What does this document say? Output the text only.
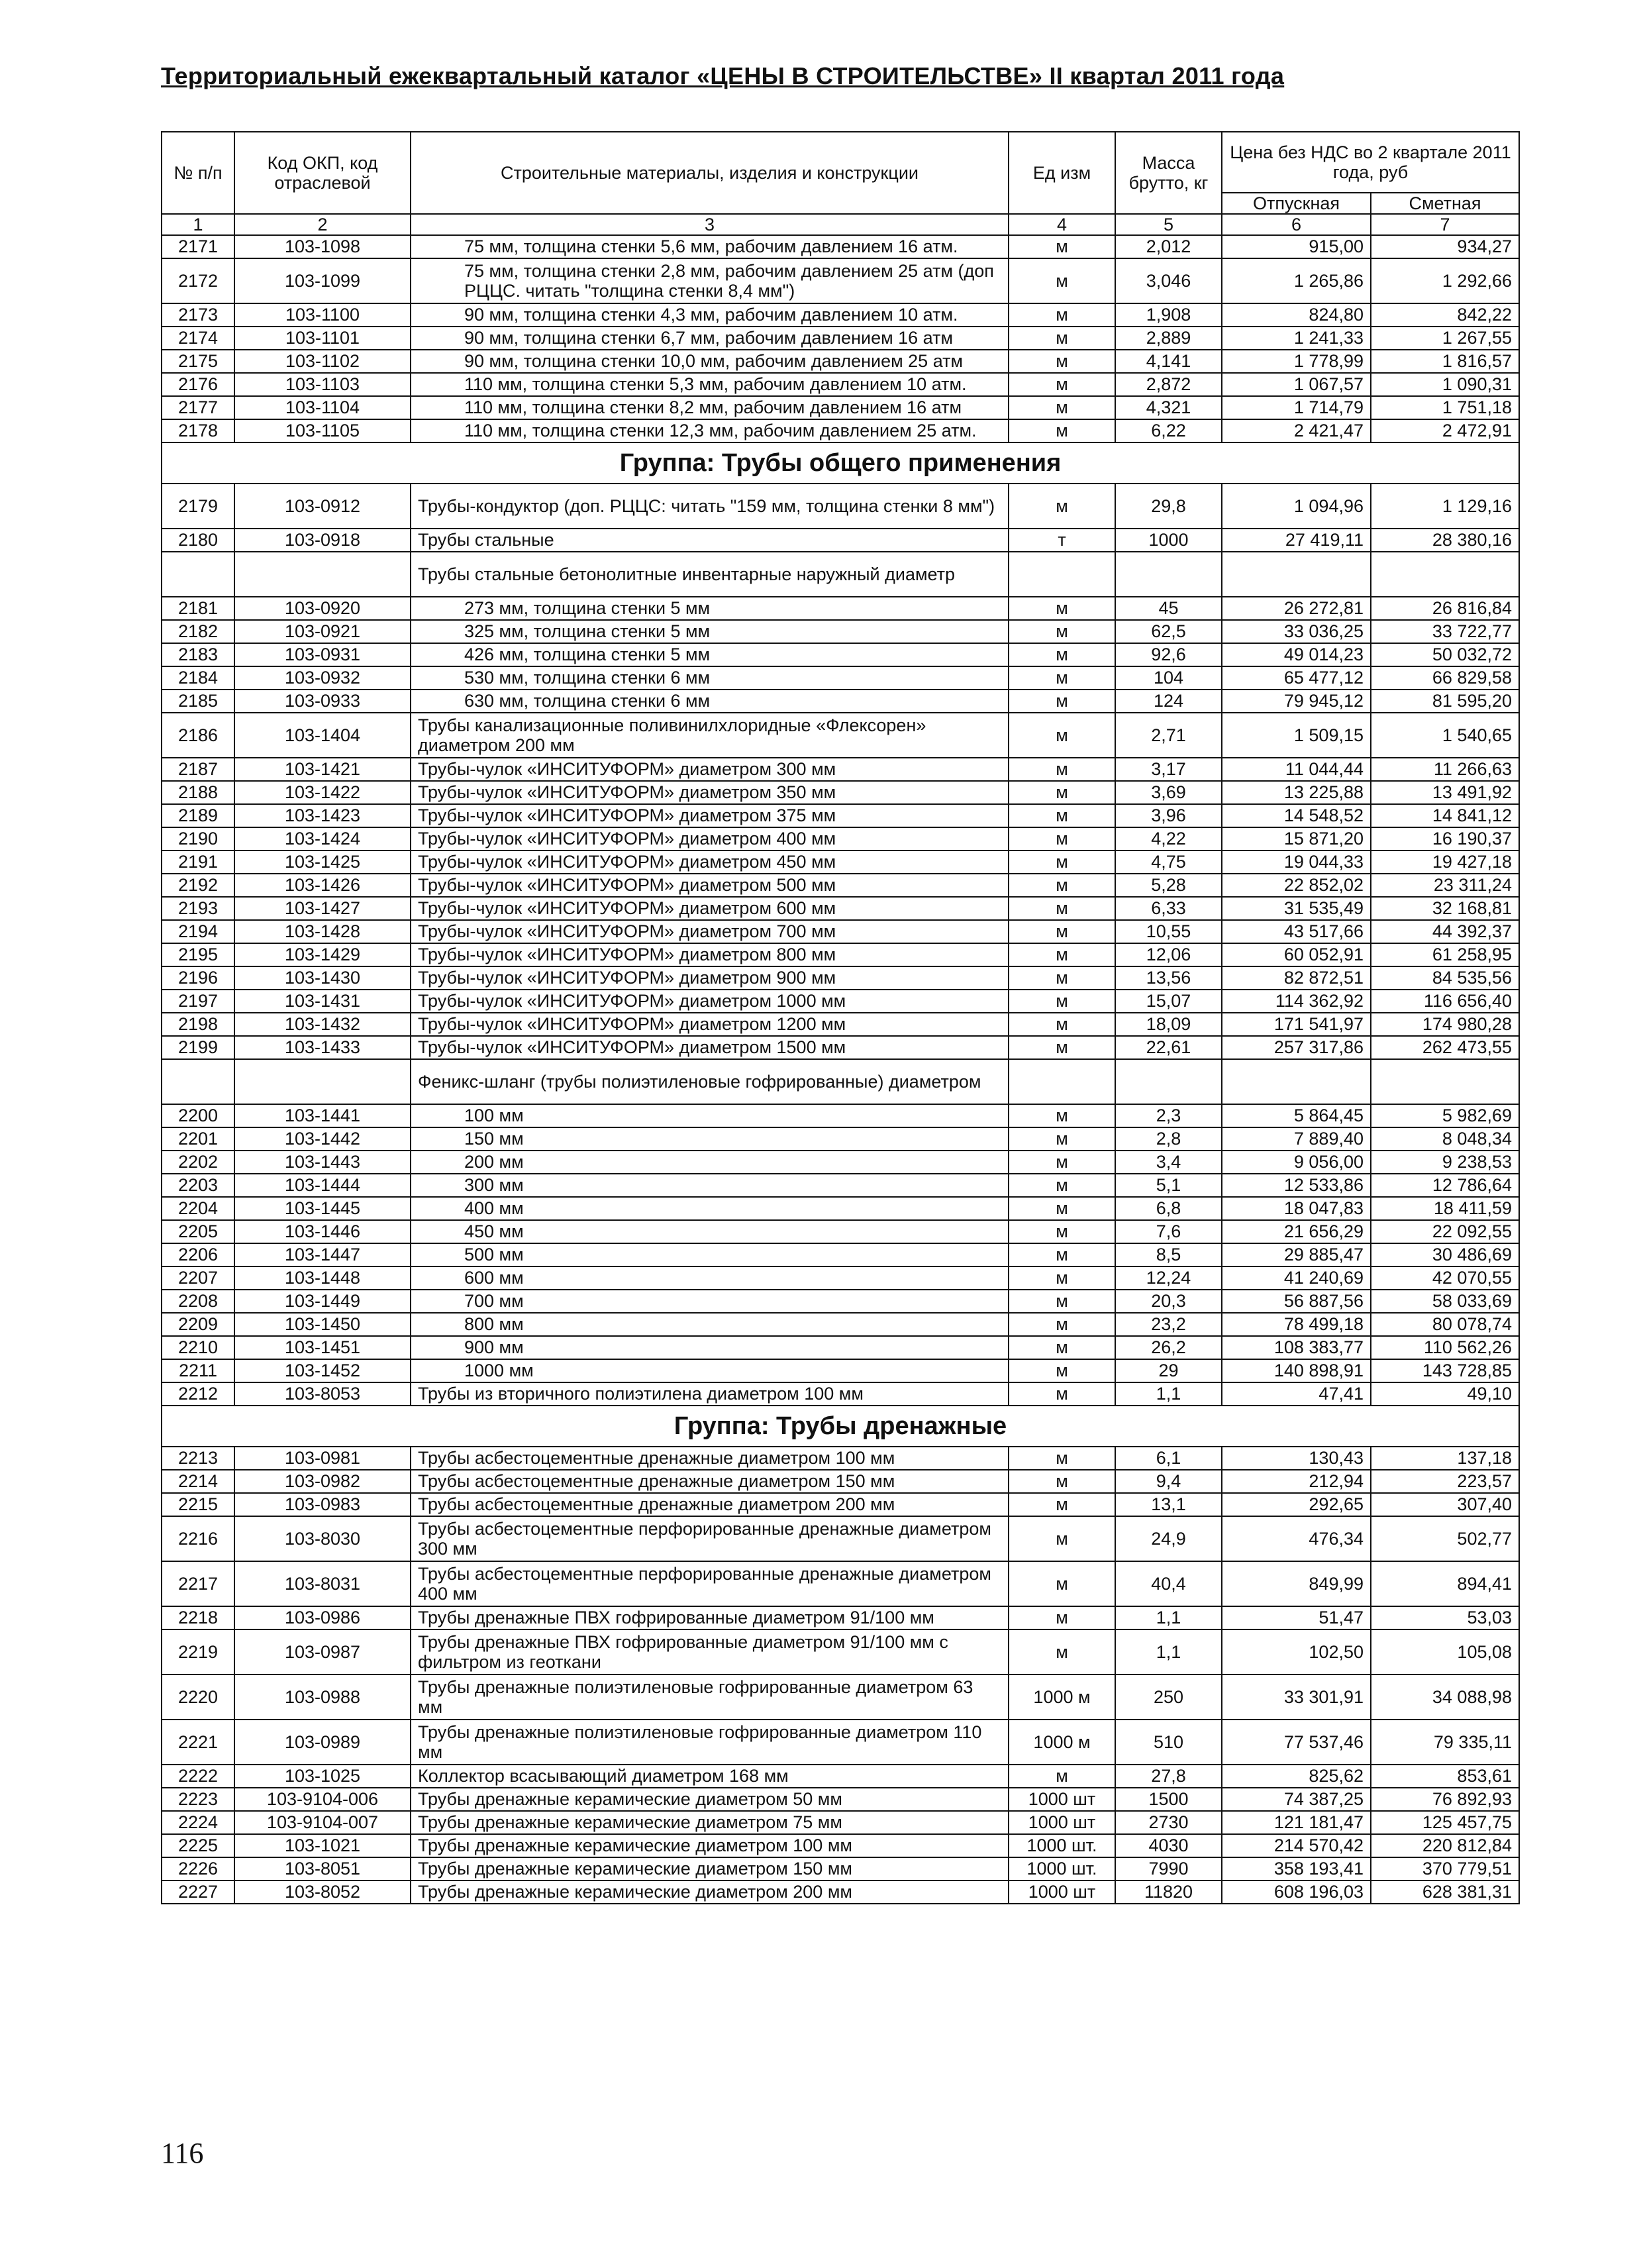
Территориальный ежеквартальный каталог «ЦЕНЫ В СТРОИТЕЛЬСТВЕ» II квартал 2011 года
№ п/п	Код ОКП, код отраслевой	Строительные материалы, изделия и конструкции	Ед изм	Масса брутто, кг	Цена без НДС во 2 квартале 2011 года, руб	
					Отпускная	Сметная
1	2	3	4	5	6	7
2171	103-1098	75 мм, толщина стенки 5,6 мм, рабочим давлением 16 атм.	м	2,012	915,00	934,27
2172	103-1099	75 мм, толщина стенки 2,8 мм, рабочим давлением 25 атм (доп РЦЦС. читать "толщина стенки 8,4 мм")	м	3,046	1 265,86	1 292,66
2173	103-1100	90 мм, толщина стенки 4,3 мм, рабочим давлением 10 атм.	м	1,908	824,80	842,22
2174	103-1101	90 мм, толщина стенки 6,7 мм, рабочим давлением 16 атм	м	2,889	1 241,33	1 267,55
2175	103-1102	90 мм, толщина стенки 10,0 мм, рабочим давлением 25 атм	м	4,141	1 778,99	1 816,57
2176	103-1103	110 мм, толщина стенки 5,3 мм, рабочим давлением 10 атм.	м	2,872	1 067,57	1 090,31
2177	103-1104	110 мм, толщина стенки 8,2 мм, рабочим давлением 16 атм	м	4,321	1 714,79	1 751,18
2178	103-1105	110 мм, толщина стенки 12,3 мм, рабочим давлением 25 атм.	м	6,22	2 421,47	2 472,91
Группа: Трубы общего применения						
2179	103-0912	Трубы-кондуктор (доп. РЦЦС: читать "159 мм, толщина стенки 8 мм")	м	29,8	1 094,96	1 129,16
2180	103-0918	Трубы стальные	т	1000	27 419,11	28 380,16
		Трубы стальные бетонолитные инвентарные наружный диаметр				
2181	103-0920	273 мм, толщина стенки 5 мм	м	45	26 272,81	26 816,84
2182	103-0921	325 мм, толщина стенки 5 мм	м	62,5	33 036,25	33 722,77
2183	103-0931	426 мм, толщина стенки 5 мм	м	92,6	49 014,23	50 032,72
2184	103-0932	530 мм, толщина стенки 6 мм	м	104	65 477,12	66 829,58
2185	103-0933	630 мм, толщина стенки 6 мм	м	124	79 945,12	81 595,20
2186	103-1404	Трубы канализационные поливинилхлоридные «Флексорен» диаметром 200 мм	м	2,71	1 509,15	1 540,65
2187	103-1421	Трубы-чулок «ИНСИТУФОРМ» диаметром 300 мм	м	3,17	11 044,44	11 266,63
2188	103-1422	Трубы-чулок «ИНСИТУФОРМ» диаметром 350 мм	м	3,69	13 225,88	13 491,92
2189	103-1423	Трубы-чулок «ИНСИТУФОРМ» диаметром 375 мм	м	3,96	14 548,52	14 841,12
2190	103-1424	Трубы-чулок «ИНСИТУФОРМ» диаметром 400 мм	м	4,22	15 871,20	16 190,37
2191	103-1425	Трубы-чулок «ИНСИТУФОРМ» диаметром 450 мм	м	4,75	19 044,33	19 427,18
2192	103-1426	Трубы-чулок «ИНСИТУФОРМ» диаметром 500 мм	м	5,28	22 852,02	23 311,24
2193	103-1427	Трубы-чулок «ИНСИТУФОРМ» диаметром 600 мм	м	6,33	31 535,49	32 168,81
2194	103-1428	Трубы-чулок «ИНСИТУФОРМ» диаметром 700 мм	м	10,55	43 517,66	44 392,37
2195	103-1429	Трубы-чулок «ИНСИТУФОРМ» диаметром 800 мм	м	12,06	60 052,91	61 258,95
2196	103-1430	Трубы-чулок «ИНСИТУФОРМ» диаметром 900 мм	м	13,56	82 872,51	84 535,56
2197	103-1431	Трубы-чулок «ИНСИТУФОРМ» диаметром 1000 мм	м	15,07	114 362,92	116 656,40
2198	103-1432	Трубы-чулок «ИНСИТУФОРМ» диаметром 1200 мм	м	18,09	171 541,97	174 980,28
2199	103-1433	Трубы-чулок «ИНСИТУФОРМ» диаметром 1500 мм	м	22,61	257 317,86	262 473,55
		Феникс-шланг (трубы полиэтиленовые гофрированные) диаметром				
2200	103-1441	100 мм	м	2,3	5 864,45	5 982,69
2201	103-1442	150 мм	м	2,8	7 889,40	8 048,34
2202	103-1443	200 мм	м	3,4	9 056,00	9 238,53
2203	103-1444	300 мм	м	5,1	12 533,86	12 786,64
2204	103-1445	400 мм	м	6,8	18 047,83	18 411,59
2205	103-1446	450 мм	м	7,6	21 656,29	22 092,55
2206	103-1447	500 мм	м	8,5	29 885,47	30 486,69
2207	103-1448	600 мм	м	12,24	41 240,69	42 070,55
2208	103-1449	700 мм	м	20,3	56 887,56	58 033,69
2209	103-1450	800 мм	м	23,2	78 499,18	80 078,74
2210	103-1451	900 мм	м	26,2	108 383,77	110 562,26
2211	103-1452	1000 мм	м	29	140 898,91	143 728,85
2212	103-8053	Трубы из вторичного полиэтилена диаметром 100 мм	м	1,1	47,41	49,10
Группа: Трубы дренажные						
2213	103-0981	Трубы асбестоцементные дренажные диаметром 100 мм	м	6,1	130,43	137,18
2214	103-0982	Трубы асбестоцементные дренажные диаметром 150 мм	м	9,4	212,94	223,57
2215	103-0983	Трубы асбестоцементные дренажные диаметром 200 мм	м	13,1	292,65	307,40
2216	103-8030	Трубы асбестоцементные перфорированные дренажные диаметром 300 мм	м	24,9	476,34	502,77
2217	103-8031	Трубы асбестоцементные перфорированные дренажные диаметром 400 мм	м	40,4	849,99	894,41
2218	103-0986	Трубы дренажные ПВХ гофрированные диаметром 91/100 мм	м	1,1	51,47	53,03
2219	103-0987	Трубы дренажные ПВХ гофрированные диаметром 91/100 мм с фильтром из геоткани	м	1,1	102,50	105,08
2220	103-0988	Трубы дренажные полиэтиленовые гофрированные диаметром 63 мм	1000 м	250	33 301,91	34 088,98
2221	103-0989	Трубы дренажные полиэтиленовые гофрированные диаметром 110 мм	1000 м	510	77 537,46	79 335,11
2222	103-1025	Коллектор всасывающий диаметром 168 мм	м	27,8	825,62	853,61
2223	103-9104-006	Трубы дренажные керамические диаметром 50 мм	1000 шт	1500	74 387,25	76 892,93
2224	103-9104-007	Трубы дренажные керамические диаметром 75 мм	1000 шт	2730	121 181,47	125 457,75
2225	103-1021	Трубы дренажные керамические диаметром 100 мм	1000 шт.	4030	214 570,42	220 812,84
2226	103-8051	Трубы дренажные керамические диаметром 150 мм	1000 шт.	7990	358 193,41	370 779,51
2227	103-8052	Трубы дренажные керамические диаметром 200 мм	1000 шт	11820	608 196,03	628 381,31
116
